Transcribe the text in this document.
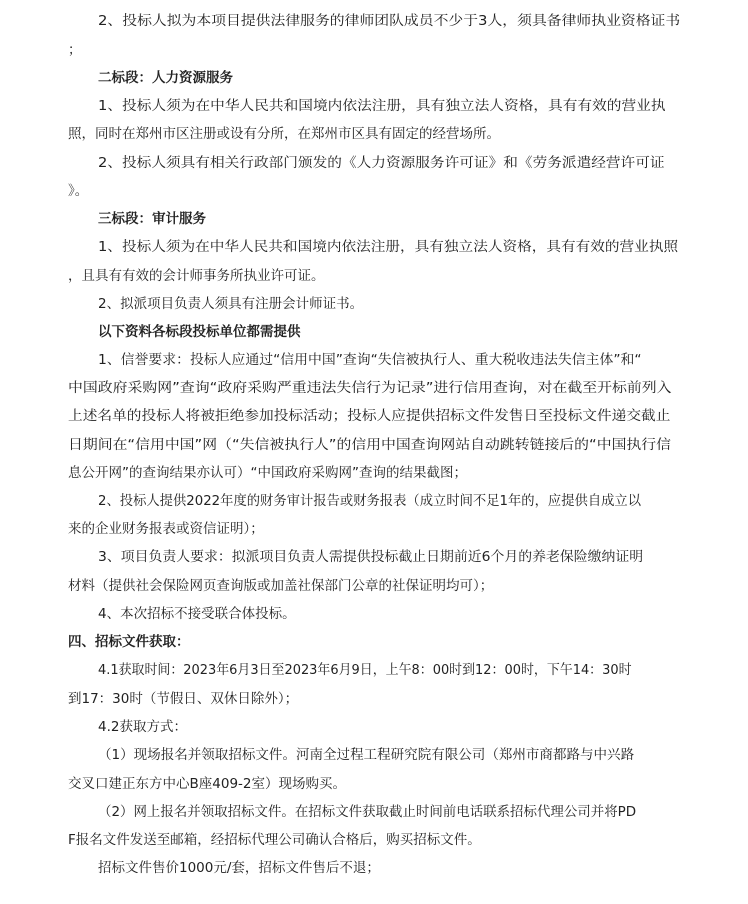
2、投标人拟为本项目提供法律服务的律师团队成员不少于3人，须具备律师执业资格证书
；
二标段：人力资源服务
1、投标人须为在中华人民共和国境内依法注册，具有独立法人资格，具有有效的营业执
照，同时在郑州市区注册或设有分所，在郑州市区具有固定的经营场所。
2、投标人须具有相关行政部门颁发的《人力资源服务许可证》和《劳务派遣经营许可证
》。
三标段：审计服务
1、投标人须为在中华人民共和国境内依法注册，具有独立法人资格，具有有效的营业执照
，且具有有效的会计师事务所执业许可证。
2、拟派项目负责人须具有注册会计师证书。
以下资料各标段投标单位都需提供
1、信誉要求：投标人应通过“信用中国”查询“失信被执行人、重大税收违法失信主体”和“
中国政府采购网”查询“政府采购严重违法失信行为记录”进行信用查询，对在截至开标前列入
上述名单的投标人将被拒绝参加投标活动；投标人应提供招标文件发售日至投标文件递交截止
日期间在“信用中国”网（“失信被执行人”的信用中国查询网站自动跳转链接后的“中国执行信
息公开网”的查询结果亦认可）“中国政府采购网”查询的结果截图；
2、投标人提供2022年度的财务审计报告或财务报表（成立时间不足1年的，应提供自成立以
来的企业财务报表或资信证明）；
3、项目负责人要求：拟派项目负责人需提供投标截止日期前近6个月的养老保险缴纳证明
材料（提供社会保险网页查询版或加盖社保部门公章的社保证明均可）；
4、本次招标不接受联合体投标。
四、招标文件获取：
4.1获取时间：2023年6月3日至2023年6月9日，上午8：00时到12：00时，下午14：30时
到17：30时（节假日、双休日除外）；
4.2获取方式：
（1）现场报名并领取招标文件。河南全过程工程研究院有限公司（郑州市商都路与中兴路
交叉口建正东方中心B座409-2室）现场购买。
（2）网上报名并领取招标文件。在招标文件获取截止时间前电话联系招标代理公司并将PD
F报名文件发送至邮箱，经招标代理公司确认合格后，购买招标文件。
招标文件售价1000元/套，招标文件售后不退；
